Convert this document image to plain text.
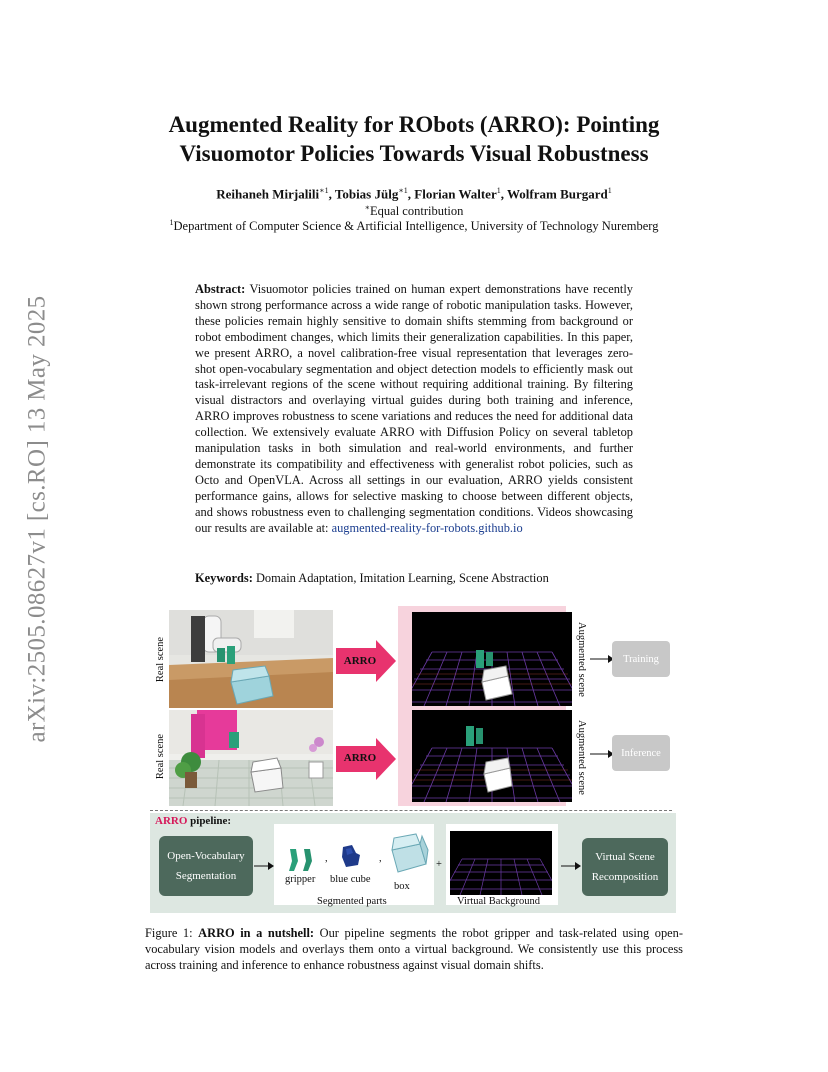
arXiv:2505.08627v1 [cs.RO] 13 May 2025
Augmented Reality for RObots (ARRO): Pointing
Visuomotor Policies Towards Visual Robustness
Reihaneh Mirjalili$^{∗1}$, Tobias Jülg$^{∗1}$, Florian Walter$^1$, Wolfram Burgard$^1$
∗Equal contribution
$^1$Department of Computer Science & Artificial Intelligence, University of Technology Nuremberg
Abstract: Visuomotor policies trained on human expert demonstrations have recently shown strong performance across a wide range of robotic manipulation tasks. However, these policies remain highly sensitive to domain shifts stemming from background or robot embodiment changes, which limits their generalization capabilities. In this paper, we present ARRO, a novel calibration-free visual representation that leverages zero-shot open-vocabulary segmentation and object detection models to efficiently mask out task-irrelevant regions of the scene without requiring additional training. By filtering visual distractors and overlaying virtual guides during both training and inference, ARRO improves robustness to scene variations and reduces the need for additional data collection. We extensively evaluate ARRO with Diffusion Policy on several tabletop manipulation tasks in both simulation and real-world environments, and further demonstrate its compatibility and effectiveness with generalist robot policies, such as Octo and OpenVLA. Across all settings in our evaluation, ARRO yields consistent performance gains, allows for selective masking to choose between different objects, and shows robustness even to challenging segmentation conditions. Videos showcasing our results are available at: augmented-reality-for-robots.github.io
Keywords: Domain Adaptation, Imitation Learning, Scene Abstraction
Real scene
Real scene
ARRO
ARRO
Augmented scene
Augmented scene
Training
Inference
ARRO pipeline:
Open-Vocabulary
Segmentation	gripper
,
blue cube
,
box
Segmented parts
+
Virtual Background
Virtual Scene
Recomposition
Figure 1: ARRO in a nutshell: Our pipeline segments the robot gripper and task-related using open-vocabulary vision models and overlays them onto a virtual background. We consistently use this process across training and inference to enhance robustness against visual domain shifts.
